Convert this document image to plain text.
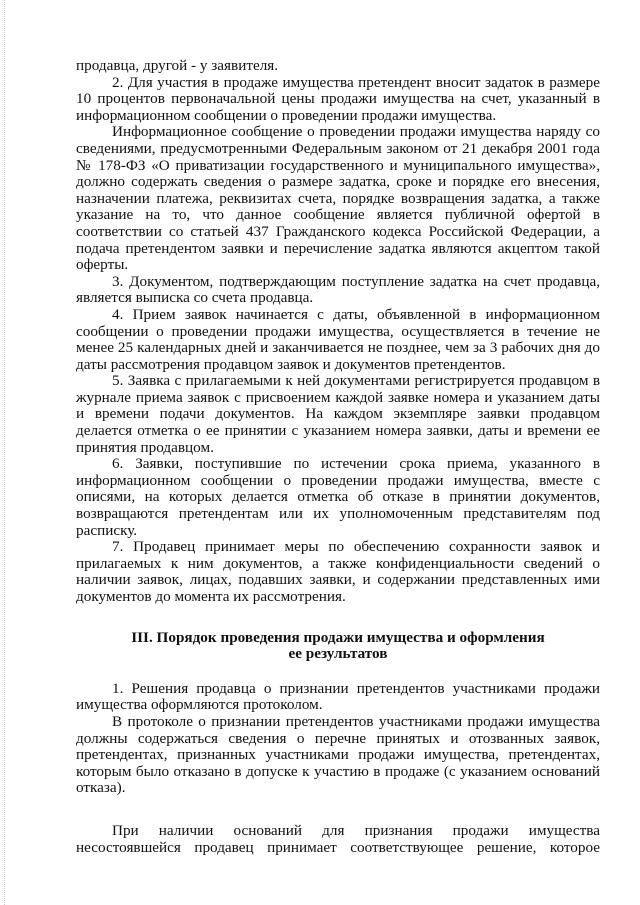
продавца, другой - у заявителя.

2. Для участия в продаже имущества претендент вносит задаток в размере 10 процентов первоначальной цены продажи имущества на счет, указанный в информационном сообщении о проведении продажи имущества.

Информационное сообщение о проведении продажи имущества наряду со сведениями, предусмотренными Федеральным законом от 21 декабря 2001 года № 178-ФЗ «О приватизации государственного и муниципального имущества», должно содержать сведения о размере задатка, сроке и порядке его внесения, назначении платежа, реквизитах счета, порядке возвращения задатка, а также указание на то, что данное сообщение является публичной офертой в соответствии со статьей 437 Гражданского кодекса Российской Федерации, а подача претендентом заявки и перечисление задатка являются акцептом такой оферты.

3. Документом, подтверждающим поступление задатка на счет продавца, является выписка со счета продавца.

4. Прием заявок начинается с даты, объявленной в информационном сообщении о проведении продажи имущества, осуществляется в течение не менее 25 календарных дней и заканчивается не позднее, чем за 3 рабочих дня до даты рассмотрения продавцом заявок и документов претендентов.

5. Заявка с прилагаемыми к ней документами регистрируется продавцом в журнале приема заявок с присвоением каждой заявке номера и указанием даты и времени подачи документов. На каждом экземпляре заявки продавцом делается отметка о ее принятии с указанием номера заявки, даты и времени ее принятия продавцом.

6. Заявки, поступившие по истечении срока приема, указанного в информационном сообщении о проведении продажи имущества, вместе с описями, на которых делается отметка об отказе в принятии документов, возвращаются претендентам или их уполномоченным представителям под расписку.

7. Продавец принимает меры по обеспечению сохранности заявок и прилагаемых к ним документов, а также конфиденциальности сведений о наличии заявок, лицах, подавших заявки, и содержании представленных ими документов до момента их рассмотрения.

III. Порядок проведения продажи имущества и оформления
ее результатов

1. Решения продавца о признании претендентов участниками продажи имущества оформляются протоколом.

В протоколе о признании претендентов участниками продажи имущества должны содержаться сведения о перечне принятых и отозванных заявок, претендентах, признанных участниками продажи имущества, претендентах, которым было отказано в допуске к участию в продаже (с указанием оснований отказа).

При наличии оснований для признания продажи имущества несостоявшейся продавец принимает соответствующее решение, которое
